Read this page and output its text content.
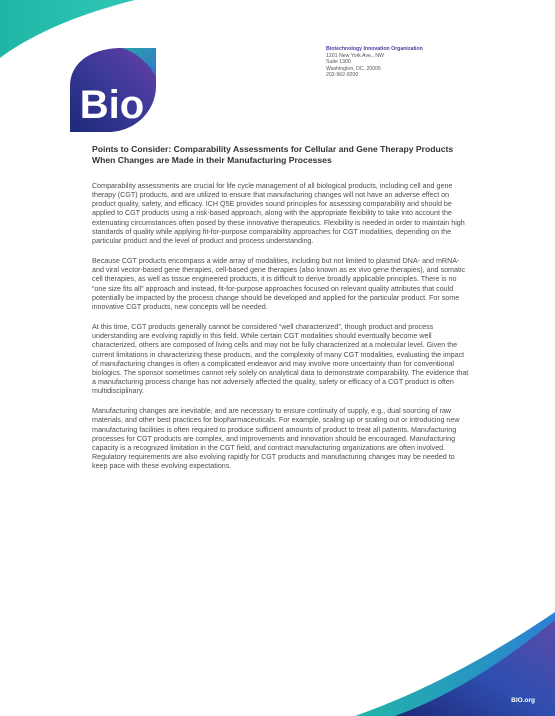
Bio
Biotechnology Innovation Organization
1201 New York Ave., NW
Suite 1300
Washington, DC, 20005
202-962-9200
Points to Consider: Comparability Assessments for Cellular and Gene Therapy Products When Changes are Made in their Manufacturing Processes

Comparability assessments are crucial for life cycle management of all biological products, including cell and gene therapy (CGT) products, and are utilized to ensure that manufacturing changes will not have an adverse effect on product quality, safety, and efficacy. ICH Q5E provides sound principles for assessing comparability and should be applied to CGT products using a risk-based approach, along with the appropriate flexibility to take into account the extenuating circumstances often posed by these innovative therapeutics. Flexibility is needed in order to maintain high standards of quality while applying fit-for-purpose comparability approaches for CGT modalities, depending on the particular product and the level of product and process understanding.

Because CGT products encompass a wide array of modalities, including but not limited to plasmid DNA- and mRNA- and viral vector-based gene therapies, cell-based gene therapies (also known as ex vivo gene therapies), and somatic cell therapies, as well as tissue engineered products, it is difficult to derive broadly applicable principles. There is no “one size fits all” approach and instead, fit-for-purpose approaches focused on relevant quality attributes that could potentially be impacted by the process change should be developed and applied for the particular product. For some innovative CGT products, new concepts will be needed.

At this time, CGT products generally cannot be considered “well characterized”, though product and process understanding are evolving rapidly in this field. While certain CGT modalities should eventually become well characterized, others are composed of living cells and may not be fully characterized at a molecular level. Given the current limitations in characterizing these products, and the complexity of many CGT modalities, evaluating the impact of manufacturing changes is often a complicated endeavor and may involve more uncertainty than for conventional biologics. The sponsor sometimes cannot rely solely on analytical data to demonstrate comparability. The evidence that a manufacturing process change has not adversely affected the quality, safety or efficacy of a CGT product is often multidisciplinary.

Manufacturing changes are inevitable, and are necessary to ensure continuity of supply, e.g., dual sourcing of raw materials, and other best practices for biopharmaceuticals. For example, scaling up or scaling out or introducing new manufacturing facilities is often required to produce sufficient amounts of product to treat all patients. Manufacturing processes for CGT products are complex, and improvements and innovation should be encouraged. Manufacturing capacity is a recognized limitation in the CGT field, and contract manufacturing organizations are often involved. Regulatory requirements are also evolving rapidly for CGT products and manufacturing changes may be needed to keep pace with these evolving expectations.

BIO.org
